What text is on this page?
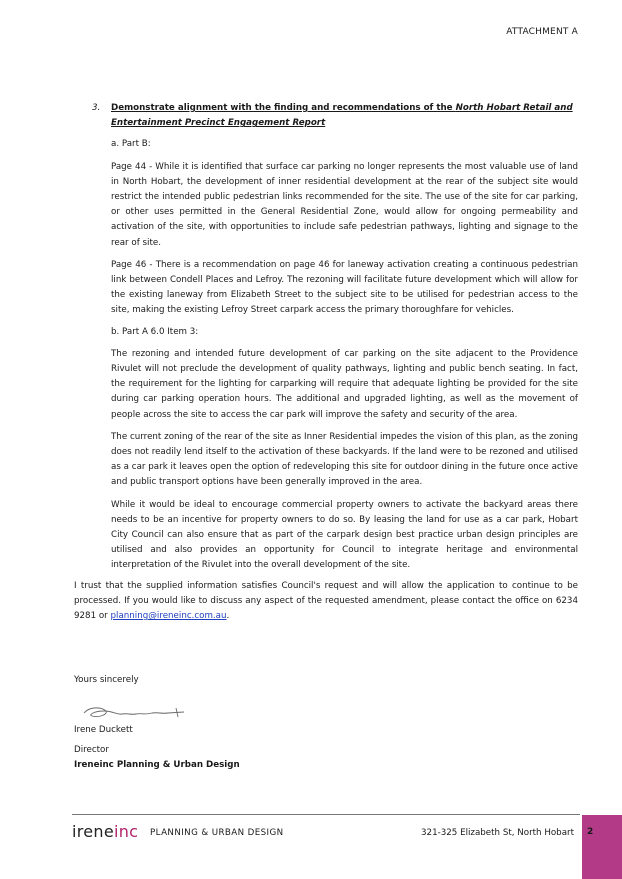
ATTACHMENT A

3. Demonstrate alignment with the finding and recommendations of the North Hobart Retail and Entertainment Precinct Engagement Report

a. Part B:

Page 44 - While it is identified that surface car parking no longer represents the most valuable use of land in North Hobart, the development of inner residential development at the rear of the subject site would restrict the intended public pedestrian links recommended for the site. The use of the site for car parking, or other uses permitted in the General Residential Zone, would allow for ongoing permeability and activation of the site, with opportunities to include safe pedestrian pathways, lighting and signage to the rear of site.

Page 46 - There is a recommendation on page 46 for laneway activation creating a continuous pedestrian link between Condell Places and Lefroy. The rezoning will facilitate future development which will allow for the existing laneway from Elizabeth Street to the subject site to be utilised for pedestrian access to the site, making the existing Lefroy Street carpark access the primary thoroughfare for vehicles.

b. Part A 6.0 Item 3:

The rezoning and intended future development of car parking on the site adjacent to the Providence Rivulet will not preclude the development of quality pathways, lighting and public bench seating. In fact, the requirement for the lighting for carparking will require that adequate lighting be provided for the site during car parking operation hours. The additional and upgraded lighting, as well as the movement of people across the site to access the car park will improve the safety and security of the area.

The current zoning of the rear of the site as Inner Residential impedes the vision of this plan, as the zoning does not readily lend itself to the activation of these backyards. If the land were to be rezoned and utilised as a car park it leaves open the option of redeveloping this site for outdoor dining in the future once active and public transport options have been generally improved in the area.

While it would be ideal to encourage commercial property owners to activate the backyard areas there needs to be an incentive for property owners to do so. By leasing the land for use as a car park, Hobart City Council can also ensure that as part of the carpark design best practice urban design principles are utilised and also provides an opportunity for Council to integrate heritage and environmental interpretation of the Rivulet into the overall development of the site.

I trust that the supplied information satisfies Council's request and will allow the application to continue to be processed. If you would like to discuss any aspect of the requested amendment, please contact the office on 6234 9281 or planning@ireneinc.com.au.

Yours sincerely
Irene Duckett
Director
Ireneinc Planning & Urban Design
ireneinc PLANNING & URBAN DESIGN	321-325 Elizabeth St, North Hobart 2
